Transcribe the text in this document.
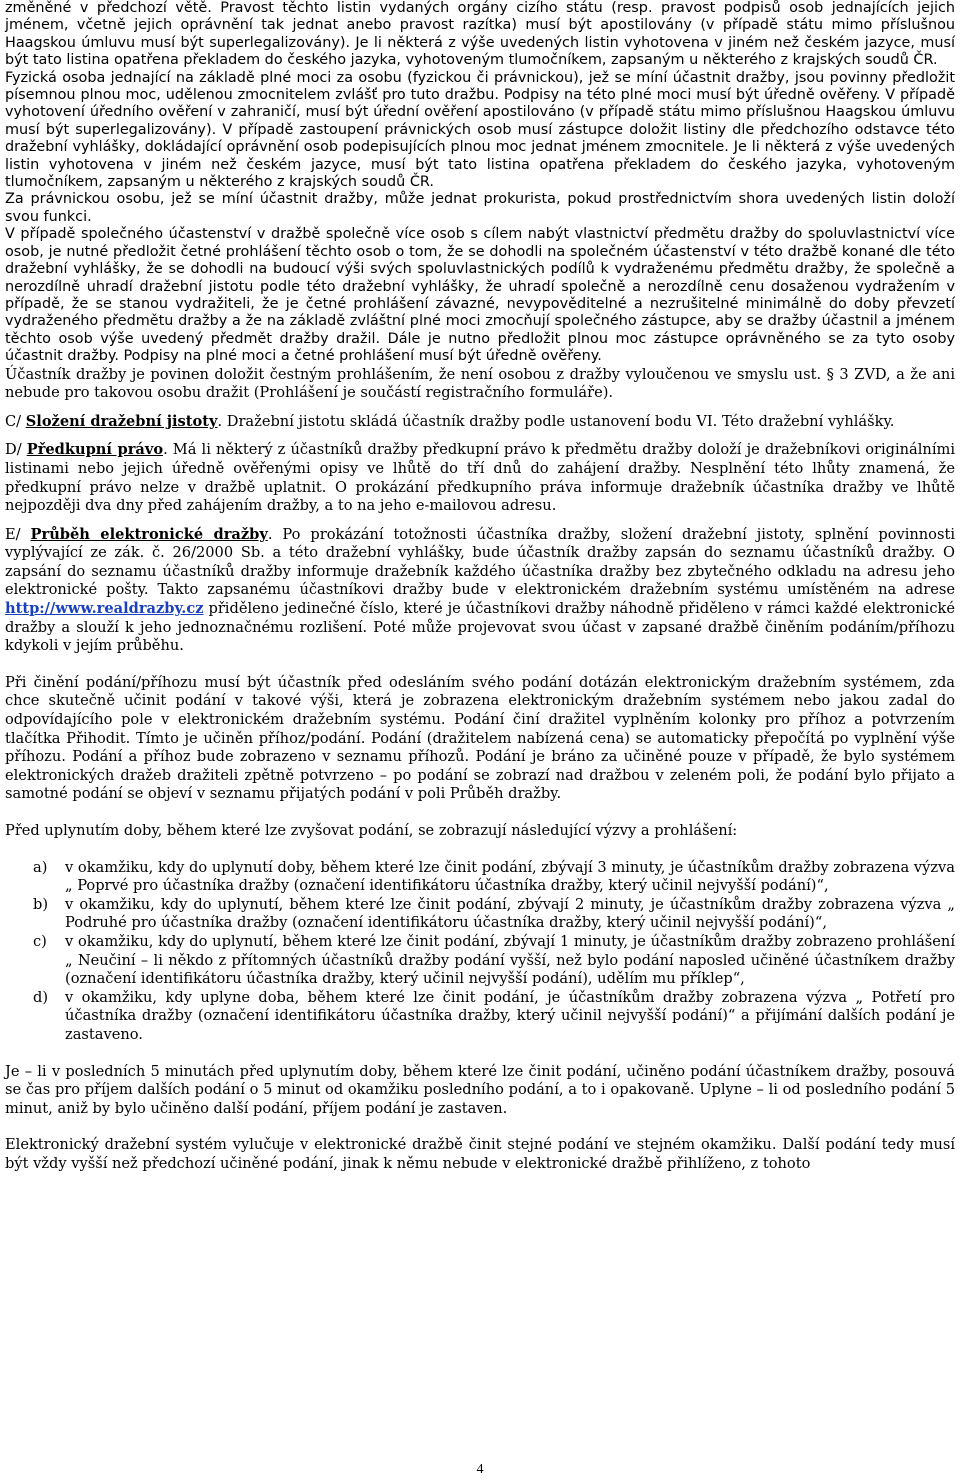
změněné v předchozí větě. Pravost těchto listin vydaných orgány cizího státu (resp. pravost podpisů osob jednajících jejich jménem, včetně jejich oprávnění tak jednat anebo pravost razítka) musí být apostilovány (v případě státu mimo příslušnou Haagskou úmluvu musí být superlegalizovány). Je li některá z výše uvedených listin vyhotovena v jiném než českém jazyce, musí být tato listina opatřena překladem do českého jazyka, vyhotoveným tlumočníkem, zapsaným u některého z krajských soudů ČR.

Fyzická osoba jednající na základě plné moci za osobu (fyzickou či právnickou), jež se míní účastnit dražby, jsou povinny předložit písemnou plnou moc, udělenou zmocnitelem zvlášť pro tuto dražbu. Podpisy na této plné moci musí být úředně ověřeny. V případě vyhotovení úředního ověření v zahraničí, musí být úřední ověření apostilováno (v případě státu mimo příslušnou Haagskou úmluvu musí být superlegalizovány). V případě zastoupení právnických osob musí zástupce doložit listiny dle předchozího odstavce této dražební vyhlášky, dokládající oprávnění osob podepisujících plnou moc jednat jménem zmocnitele. Je li některá z výše uvedených listin vyhotovena v jiném než českém jazyce, musí být tato listina opatřena překladem do českého jazyka, vyhotoveným tlumočníkem, zapsaným u některého z krajských soudů ČR.

Za právnickou osobu, jež se míní účastnit dražby, může jednat prokurista, pokud prostřednictvím shora uvedených listin doloží svou funkci.

V případě společného účastenství v dražbě společně více osob s cílem nabýt vlastnictví předmětu dražby do spoluvlastnictví více osob, je nutné předložit četné prohlášení těchto osob o tom, že se dohodli na společném účastenství v této dražbě konané dle této dražební vyhlášky, že se dohodli na budoucí výši svých spoluvlastnických podílů k vydraženému předmětu dražby, že společně a nerozdílně uhradí dražební jistotu podle této dražební vyhlášky, že uhradí společně a nerozdílně cenu dosaženou vydražením v případě, že se stanou vydražiteli, že je četné prohlášení závazné, nevypověditelné a nezrušitelné minimálně do doby převzetí vydraženého předmětu dražby a že na základě zvláštní plné moci zmocňují společného zástupce, aby se dražby účastnil a jménem těchto osob výše uvedený předmět dražby dražil. Dále je nutno předložit plnou moc zástupce oprávněného se za tyto osoby účastnit dražby. Podpisy na plné moci a četné prohlášení musí být úředně ověřeny.

Účastník dražby je povinen doložit čestným prohlášením, že není osobou z dražby vyloučenou ve smyslu ust. § 3 ZVD, a že ani nebude pro takovou osobu dražit (Prohlášení je součástí registračního formuláře).

C/ Složení dražební jistoty. Dražební jistotu skládá účastník dražby podle ustanovení bodu VI. Této dražební vyhlášky.

D/ Předkupní právo. Má li některý z účastníků dražby předkupní právo k předmětu dražby doloží je dražebníkovi originálními listinami nebo jejich úředně ověřenými opisy ve lhůtě do tří dnů do zahájení dražby. Nesplnění této lhůty znamená, že předkupní právo nelze v dražbě uplatnit. O prokázání předkupního práva informuje dražebník účastníka dražby ve lhůtě nejpozději dva dny před zahájením dražby, a to na jeho e-mailovou adresu.

E/ Průběh elektronické dražby. Po prokázání totožnosti účastníka dražby, složení dražební jistoty, splnění povinnosti vyplývající ze zák. č. 26/2000 Sb. a této dražební vyhlášky, bude účastník dražby zapsán do seznamu účastníků dražby. O zapsání do seznamu účastníků dražby informuje dražebník každého účastníka dražby bez zbytečného odkladu na adresu jeho elektronické pošty. Takto zapsanému účastníkovi dražby bude v elektronickém dražebním systému umístěném na adrese http://www.realdrazby.cz přiděleno jedinečné číslo, které je účastníkovi dražby náhodně přiděleno v rámci každé elektronické dražby a slouží k jeho jednoznačnému rozlišení. Poté může projevovat svou účast v zapsané dražbě činěním podáním/příhozu kdykoli v jejím průběhu.

Při činění podání/příhozu musí být účastník před odesláním svého podání dotázán elektronickým dražebním systémem, zda chce skutečně učinit podání v takové výši, která je zobrazena elektronickým dražebním systémem nebo jakou zadal do odpovídajícího pole v elektronickém dražebním systému. Podání činí dražitel vyplněním kolonky pro příhoz a potvrzením tlačítka Přihodit. Tímto je učiněn příhoz/podání. Podání (dražitelem nabízená cena) se automaticky přepočítá po vyplnění výše příhozu. Podání a příhoz bude zobrazeno v seznamu příhozů. Podání je bráno za učiněné pouze v případě, že bylo systémem elektronických dražeb dražiteli zpětně potvrzeno – po podání se zobrazí nad dražbou v zeleném poli, že podání bylo přijato a samotné podání se objeví v seznamu přijatých podání v poli Průběh dražby.

Před uplynutím doby, během které lze zvyšovat podání, se zobrazují následující výzvy a prohlášení:

a)	v okamžiku, kdy do uplynutí doby, během které lze činit podání, zbývají 3 minuty, je účastníkům dražby zobrazena výzva „ Poprvé pro účastníka dražby (označení identifikátoru účastníka dražby, který učinil nejvyšší podání)“,
b)	v okamžiku, kdy do uplynutí, během které lze činit podání, zbývají 2 minuty, je účastníkům dražby zobrazena výzva „ Podruhé pro účastníka dražby (označení identifikátoru účastníka dražby, který učinil nejvyšší podání)“,
c)	v okamžiku, kdy do uplynutí, během které lze činit podání, zbývají 1 minuty, je účastníkům dražby zobrazeno prohlášení „ Neučiní – li někdo z přítomných účastníků dražby podání vyšší, než bylo podání naposled učiněné účastníkem dražby (označení identifikátoru účastníka dražby, který učinil nejvyšší podání), udělím mu příklep“,
d)	v okamžiku, kdy uplyne doba, během které lze činit podání, je účastníkům dražby zobrazena výzva „ Potřetí pro účastníka dražby (označení identifikátoru účastníka dražby, který učinil nejvyšší podání)“ a přijímání dalších podání je zastaveno.

Je – li v posledních 5 minutách před uplynutím doby, během které lze činit podání, učiněno podání účastníkem dražby, posouvá se čas pro příjem dalších podání o 5 minut od okamžiku posledního podání, a to i opakovaně. Uplyne – li od posledního podání 5 minut, aniž by bylo učiněno další podání, příjem podání je zastaven.

Elektronický dražební systém vylučuje v elektronické dražbě činit stejné podání ve stejném okamžiku. Další podání tedy musí být vždy vyšší než předchozí učiněné podání, jinak k němu nebude v elektronické dražbě přihlíženo, z tohoto

4
